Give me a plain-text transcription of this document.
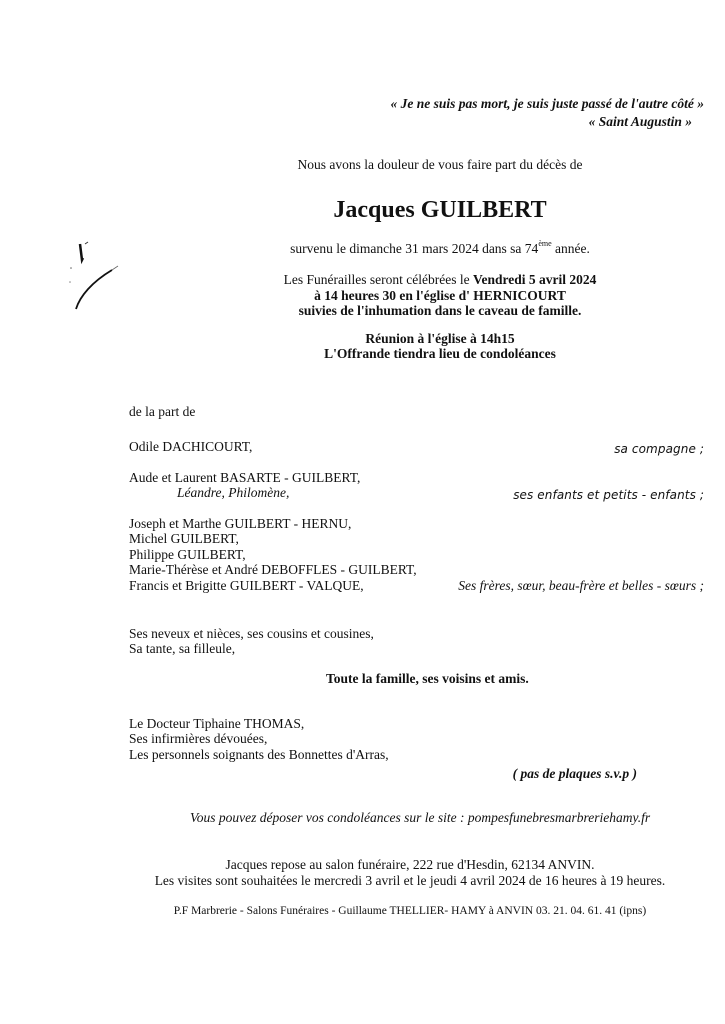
« Je ne suis pas mort, je suis juste passé de l'autre côté »
« Saint Augustin »
Nous avons la douleur de vous faire part du décès de
Jacques GUILBERT
survenu le dimanche 31 mars 2024 dans sa 74ème année.
Les Funérailles seront célébrées le Vendredi 5 avril 2024
à 14 heures 30 en l'église d' HERNICOURT
suivies de l'inhumation dans le caveau de famille.
Réunion à l'église à 14h15
L'Offrande tiendra lieu de condoléances
de la part de
Odile DACHICOURT,	sa compagne ;
Aude et Laurent BASARTE - GUILBERT,
Léandre, Philomène,	ses enfants et petits - enfants ;
Joseph et Marthe GUILBERT - HERNU,
Michel GUILBERT,
Philippe GUILBERT,
Marie-Thérèse et André DEBOFFLES - GUILBERT,
Francis et Brigitte GUILBERT - VALQUE,	Ses frères, sœur, beau-frère et belles - sœurs ;
Ses neveux et nièces, ses cousins et cousines,
Sa tante, sa filleule,
Toute la famille, ses voisins et amis.
Le Docteur Tiphaine THOMAS,
Ses infirmières dévouées,
Les personnels soignants des Bonnettes d'Arras,
( pas de plaques s.v.p )
Vous pouvez déposer vos condoléances sur le site : pompesfunebresmarbreriehamy.fr
Jacques repose au salon funéraire, 222 rue d'Hesdin, 62134 ANVIN.
Les visites sont souhaitées le mercredi 3 avril et le jeudi 4 avril 2024 de 16 heures à 19 heures.
P.F Marbrerie - Salons Funéraires - Guillaume THELLIER- HAMY à ANVIN 03. 21. 04. 61. 41 (ipns)
